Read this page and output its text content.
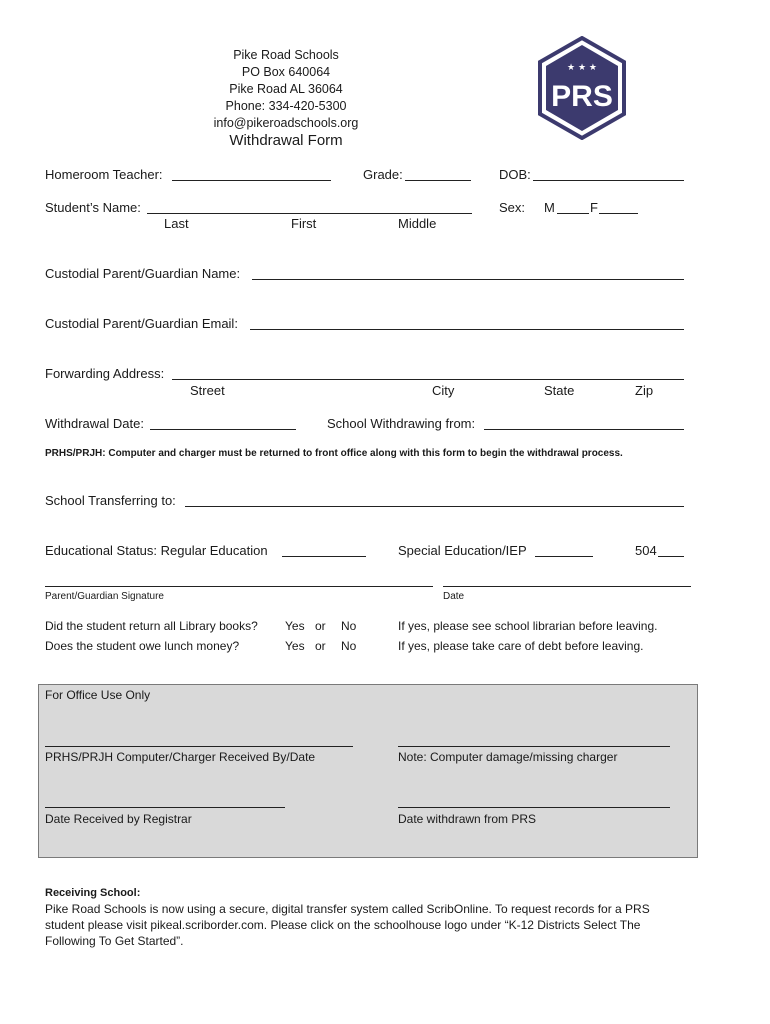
Pike Road Schools
PO Box 640064
Pike Road AL 36064
Phone: 334-420-5300
info@pikeroadschools.org
Withdrawal Form
★ ★ ★
PRS
Homeroom Teacher:	Grade:	DOB:
Student’s Name:
Last	First	Middle
Sex: M	F
Custodial Parent/Guardian Name:
Custodial Parent/Guardian Email:
Forwarding Address:
Street	City	State	Zip
Withdrawal Date:	School Withdrawing from:
PRHS/PRJH: Computer and charger must be returned to front office along with this form to begin the withdrawal process.
School Transferring to:
Educational Status: Regular Education	Special Education/IEP	504
Parent/Guardian Signature	Date
Did the student return all Library books? Yes or No	If yes, please see school librarian before leaving.
Does the student owe lunch money?	Yes or No	If yes, please take care of debt before leaving.
For Office Use Only
PRHS/PRJH Computer/Charger Received By/Date	Note: Computer damage/missing charger
Date Received by Registrar	Date withdrawn from PRS
Receiving School:
Pike Road Schools is now using a secure, digital transfer system called ScribOnline. To request records for a PRS
student please visit pikeal.scriborder.com. Please click on the schoolhouse logo under “K-12 Districts Select The
Following To Get Started”.
